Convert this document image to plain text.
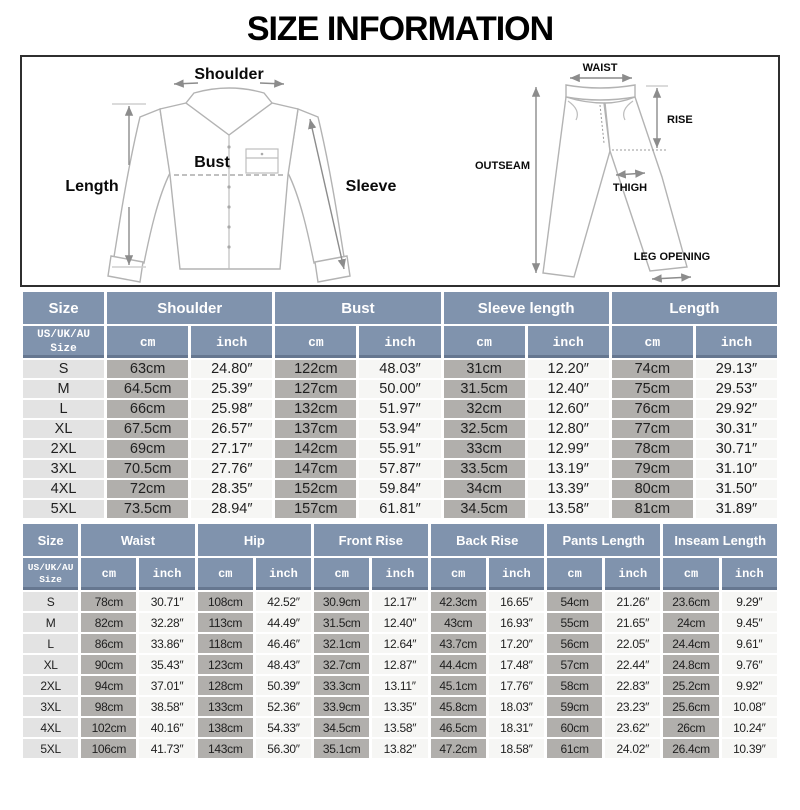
SIZE INFORMATION
Shoulder
Length
Bust
Sleeve
WAIST
RISE
OUTSEAM
THIGH
LEG OPENING
Size	Shoulder		Bust		Sleeve length		Length	
US/UK/AU Size	cm	inch	cm	inch	cm	inch	cm	inch
S	63cm	24.80″	122cm	48.03″	31cm	12.20″	74cm	29.13″
M	64.5cm	25.39″	127cm	50.00″	31.5cm	12.40″	75cm	29.53″
L	66cm	25.98″	132cm	51.97″	32cm	12.60″	76cm	29.92″
XL	67.5cm	26.57″	137cm	53.94″	32.5cm	12.80″	77cm	30.31″
2XL	69cm	27.17″	142cm	55.91″	33cm	12.99″	78cm	30.71″
3XL	70.5cm	27.76″	147cm	57.87″	33.5cm	13.19″	79cm	31.10″
4XL	72cm	28.35″	152cm	59.84″	34cm	13.39″	80cm	31.50″
5XL	73.5cm	28.94″	157cm	61.81″	34.5cm	13.58″	81cm	31.89″
Size	Waist		Hip		Front Rise		Back Rise		Pants Length		Inseam Length	
US/UK/AU Size	cm	inch	cm	inch	cm	inch	cm	inch	cm	inch	cm	inch
S	78cm	30.71″	108cm	42.52″	30.9cm	12.17″	42.3cm	16.65″	54cm	21.26″	23.6cm	9.29″
M	82cm	32.28″	113cm	44.49″	31.5cm	12.40″	43cm	16.93″	55cm	21.65″	24cm	9.45″
L	86cm	33.86″	118cm	46.46″	32.1cm	12.64″	43.7cm	17.20″	56cm	22.05″	24.4cm	9.61″
XL	90cm	35.43″	123cm	48.43″	32.7cm	12.87″	44.4cm	17.48″	57cm	22.44″	24.8cm	9.76″
2XL	94cm	37.01″	128cm	50.39″	33.3cm	13.11″	45.1cm	17.76″	58cm	22.83″	25.2cm	9.92″
3XL	98cm	38.58″	133cm	52.36″	33.9cm	13.35″	45.8cm	18.03″	59cm	23.23″	25.6cm	10.08″
4XL	102cm	40.16″	138cm	54.33″	34.5cm	13.58″	46.5cm	18.31″	60cm	23.62″	26cm	10.24″
5XL	106cm	41.73″	143cm	56.30″	35.1cm	13.82″	47.2cm	18.58″	61cm	24.02″	26.4cm	10.39″
